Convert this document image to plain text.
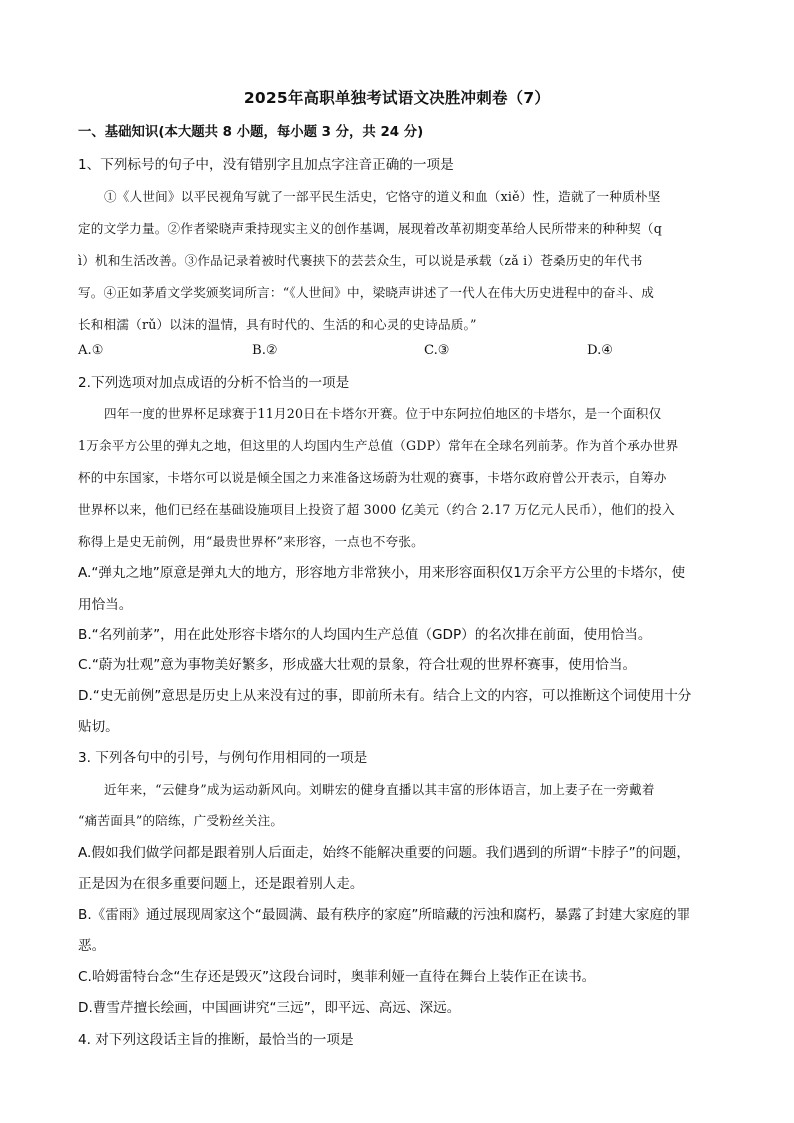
2025年高职单独考试语文决胜冲刺卷（7）
一、基础知识(本大题共 8 小题，每小题 3 分，共 24 分)
1、下列标号的句子中，没有错别字且加点字注音正确的一项是
①《人世间》以平民视角写就了一部平民生活史，它恪守的道义和血（xiě）性，造就了一种质朴坚
定的文学力量。②作者梁晓声秉持现实主义的创作基调，展现着改革初期变革给人民所带来的种种契（q
ì）机和生活改善。③作品记录着被时代裹挟下的芸芸众生，可以说是承载（zǎ i）苍桑历史的年代书
写。④正如茅盾文学奖颁奖词所言：“《人世间》中，梁晓声讲述了一代人在伟大历史进程中的奋斗、成
长和相濡（rǔ）以沫的温情，具有时代的、生活的和心灵的史诗品质。”
A.①	B.②	C.③	D.④
2.下列选项对加点成语的分析不恰当的一项是
四年一度的世界杯足球赛于11月20日在卡塔尔开赛。位于中东阿拉伯地区的卡塔尔，是一个面积仅
1万余平方公里的弹丸之地，但这里的人均国内生产总值（GDP）常年在全球名列前茅。作为首个承办世界
杯的中东国家，卡塔尔可以说是倾全国之力来准备这场蔚为壮观的赛事，卡塔尔政府曾公开表示，自筹办
世界杯以来，他们已经在基础设施项目上投资了超 3000 亿美元（约合 2.17 万亿元人民币），他们的投入
称得上是史无前例，用“最贵世界杯”来形容，一点也不夸张。
A.“弹丸之地”原意是弹丸大的地方，形容地方非常狭小，用来形容面积仅1万余平方公里的卡塔尔，使
用恰当。
B.“名列前茅”，用在此处形容卡塔尔的人均国内生产总值（GDP）的名次排在前面，使用恰当。
C.“蔚为壮观”意为事物美好繁多，形成盛大壮观的景象，符合壮观的世界杯赛事，使用恰当。
D.“史无前例”意思是历史上从来没有过的事，即前所未有。结合上文的内容，可以推断这个词使用十分
贴切。
3. 下列各句中的引号，与例句作用相同的一项是
近年来，“云健身”成为运动新风向。刘畊宏的健身直播以其丰富的形体语言，加上妻子在一旁戴着
“痛苦面具”的陪练，广受粉丝关注。
A.假如我们做学问都是跟着别人后面走，始终不能解决重要的问题。我们遇到的所谓“卡脖子”的问题，
正是因为在很多重要问题上，还是跟着别人走。
B.《雷雨》通过展现周家这个“最圆满、最有秩序的家庭”所暗藏的污浊和腐朽，暴露了封建大家庭的罪
恶。
C.哈姆雷特台念“生存还是毁灭”这段台词时，奥菲利娅一直待在舞台上装作正在读书。
D.曹雪芹擅长绘画，中国画讲究“三远”，即平远、高远、深远。
4. 对下列这段话主旨的推断，最恰当的一项是
